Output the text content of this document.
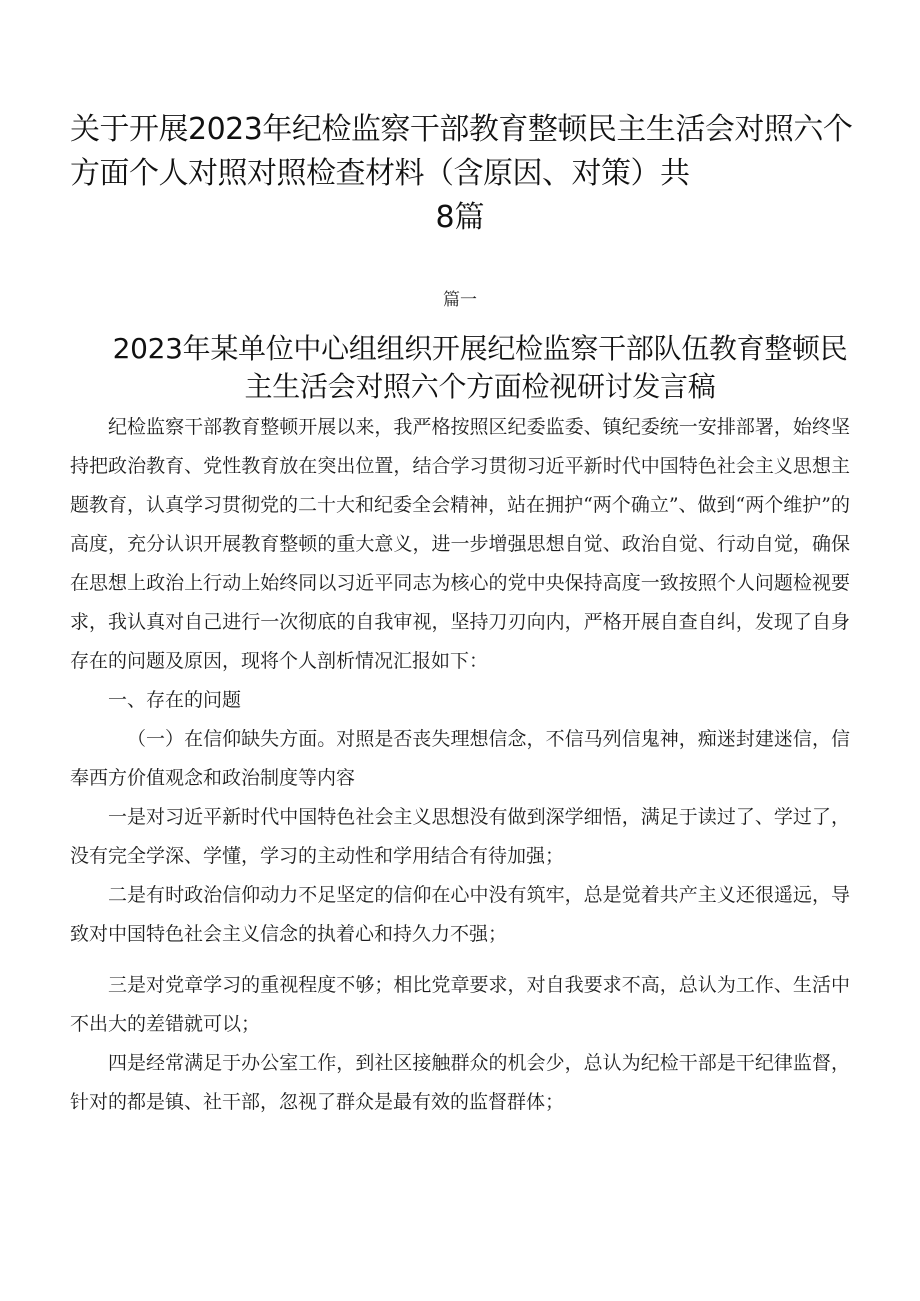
关于开展2023年纪检监察干部教育整顿民主生活会对照六个方面个人对照对照检查材料（含原因、对策）共
8篇
篇一
2023年某单位中心组组织开展纪检监察干部队伍教育整顿民主生活会对照六个方面检视研讨发言稿

纪检监察干部教育整顿开展以来，我严格按照区纪委监委、镇纪委统一安排部署，始终坚持把政治教育、党性教育放在突出位置，结合学习贯彻习近平新时代中国特色社会主义思想主题教育，认真学习贯彻党的二十大和纪委全会精神，站在拥护“两个确立”、做到“两个维护”的高度，充分认识开展教育整顿的重大意义，进一步增强思想自觉、政治自觉、行动自觉，确保在思想上政治上行动上始终同以习近平同志为核心的党中央保持高度一致按照个人问题检视要求，我认真对自己进行一次彻底的自我审视，坚持刀刃向内，严格开展自查自纠，发现了自身存在的问题及原因，现将个人剖析情况汇报如下：

一、存在的问题

（一）在信仰缺失方面。对照是否丧失理想信念，不信马列信鬼神，痴迷封建迷信，信奉西方价值观念和政治制度等内容

一是对习近平新时代中国特色社会主义思想没有做到深学细悟，满足于读过了、学过了，没有完全学深、学懂，学习的主动性和学用结合有待加强；

二是有时政治信仰动力不足坚定的信仰在心中没有筑牢，总是觉着共产主义还很遥远，导致对中国特色社会主义信念的执着心和持久力不强；

三是对党章学习的重视程度不够；相比党章要求，对自我要求不高，总认为工作、生活中不出大的差错就可以；

四是经常满足于办公室工作，到社区接触群众的机会少，总认为纪检干部是干纪律监督，针对的都是镇、社干部，忽视了群众是最有效的监督群体；
